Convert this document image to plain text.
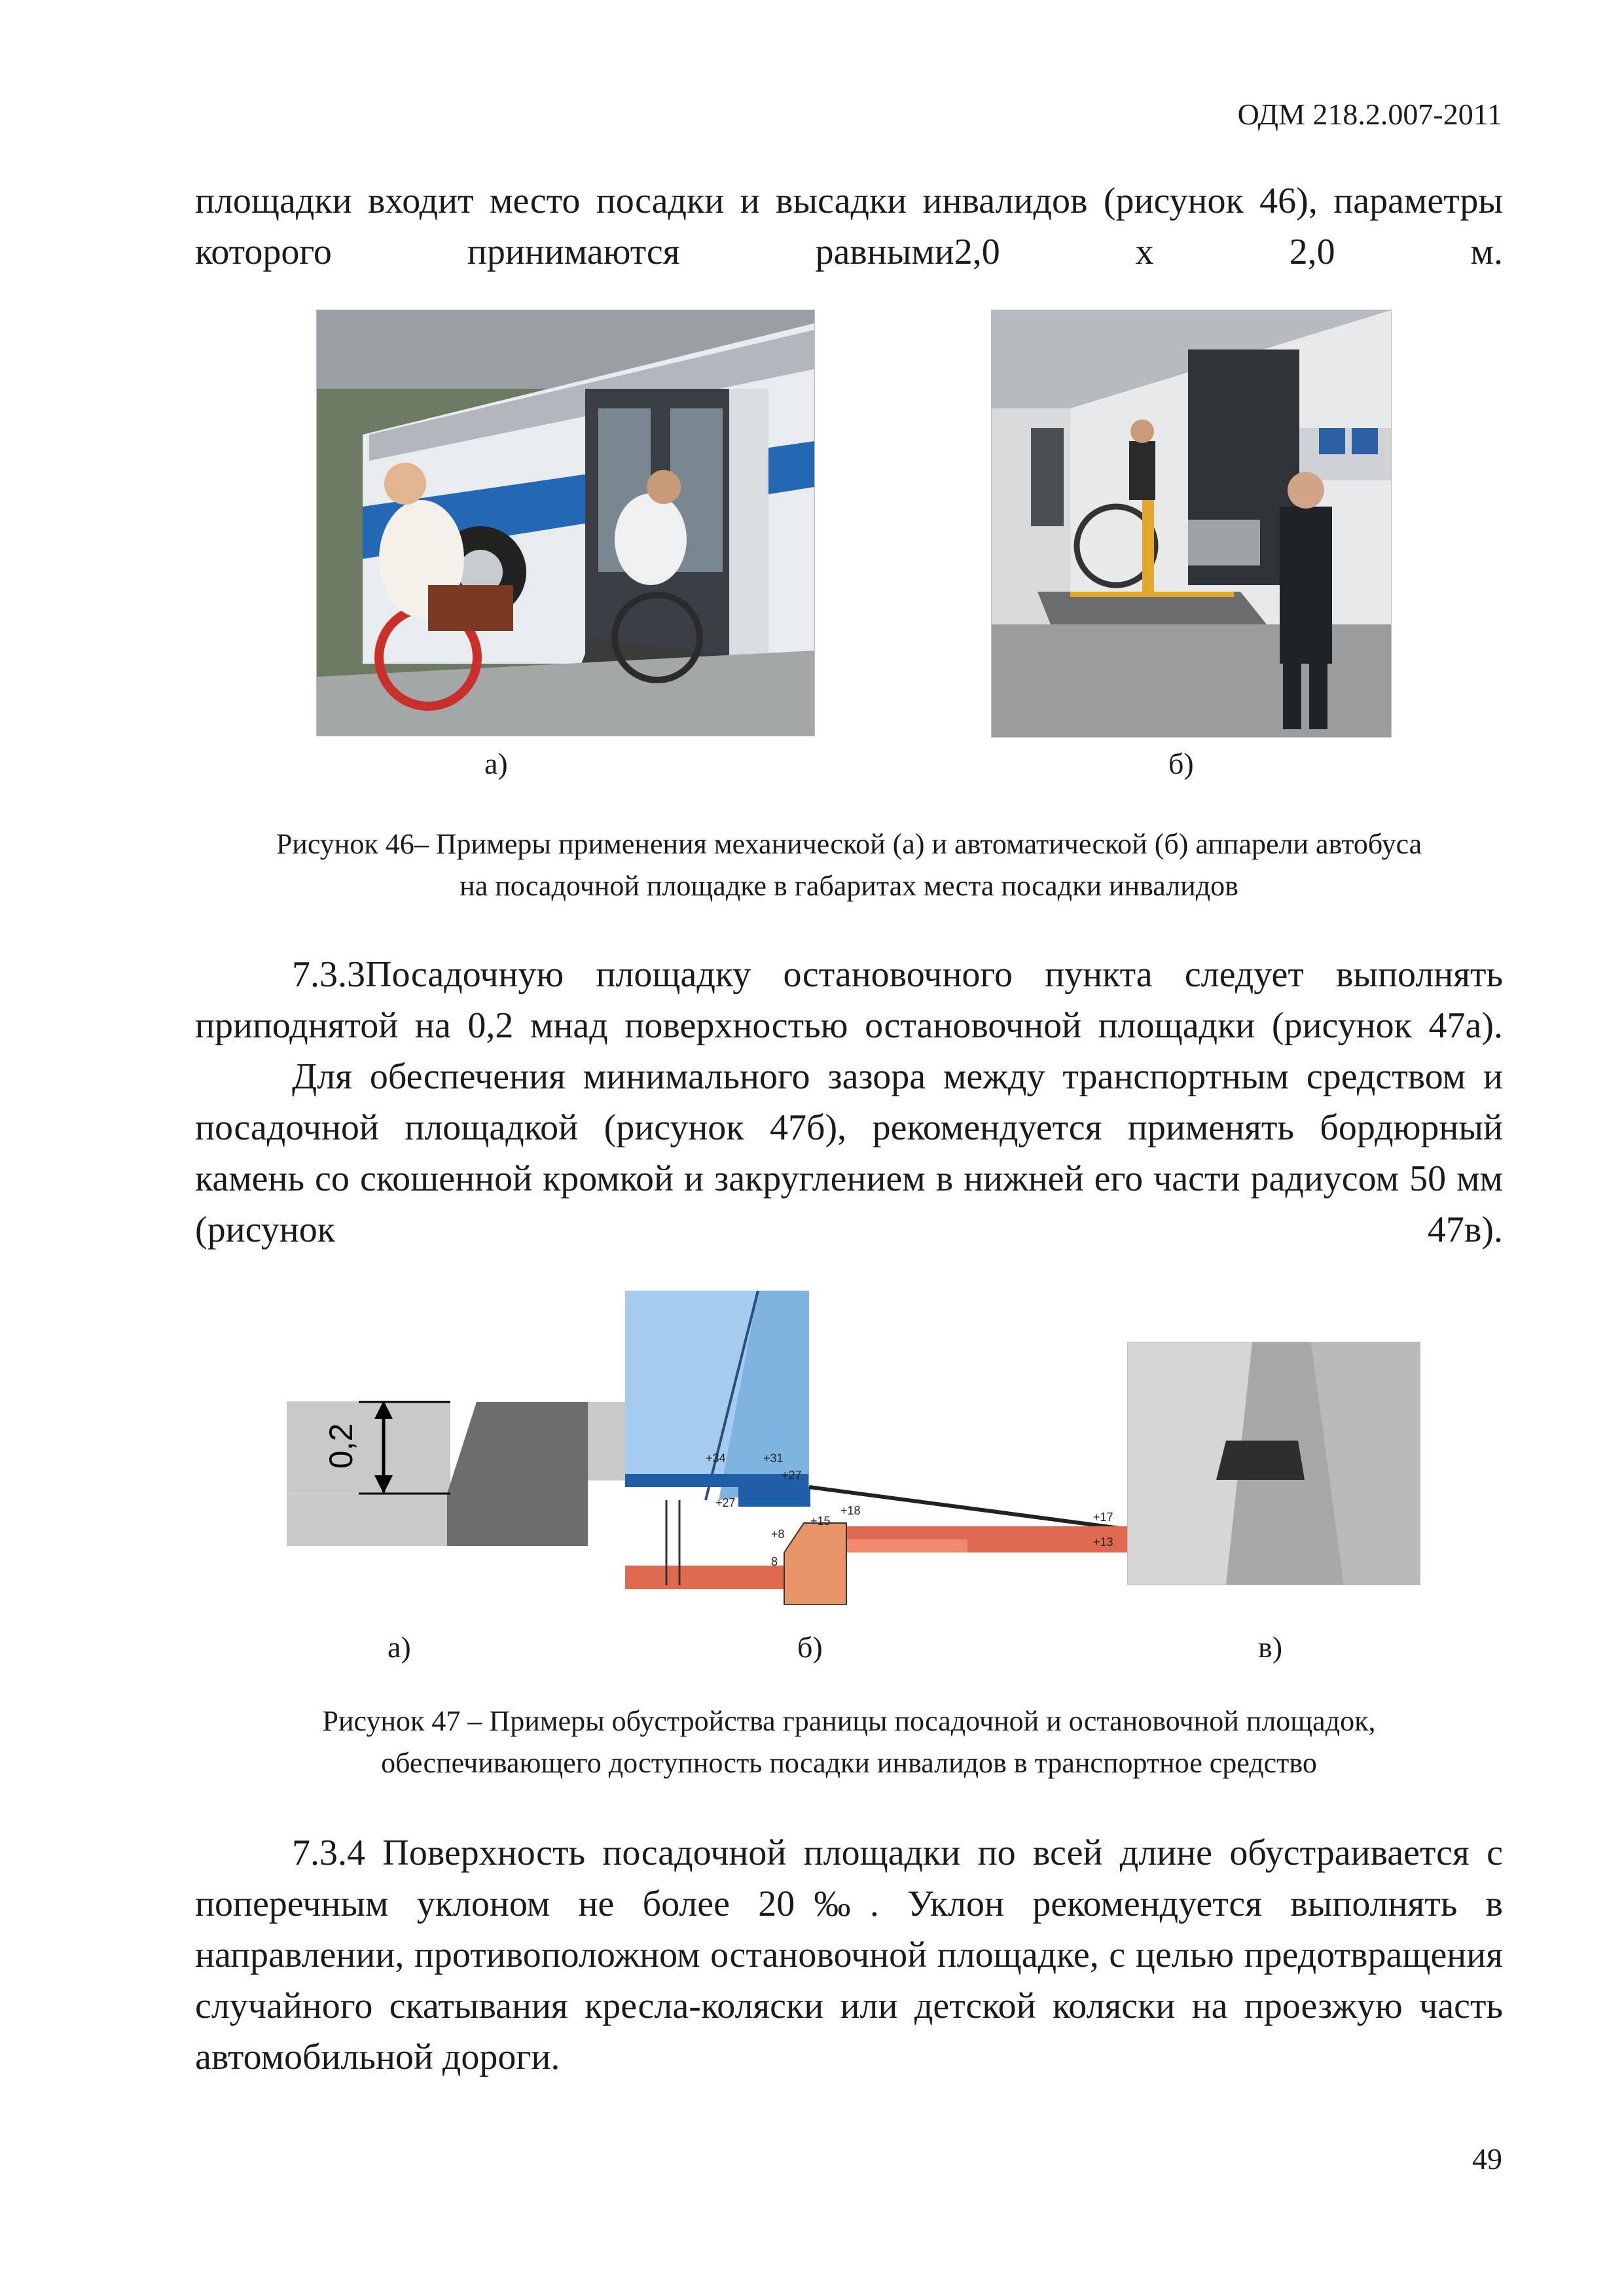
ОДМ 218.2.007-2011
площадки входит место посадки и высадки инвалидов (рисунок 46), параметры которого принимаются равными2,0 х 2,0 м.
а)	б)
Рисунок 46– Примеры применения механической (а) и автоматической (б) аппарели автобуса
на посадочной площадке в габаритах места посадки инвалидов
7.3.3Посадочную площадку остановочного пункта следует выполнять приподнятой на 0,2 мнад поверхностью остановочной площадки (рисунок 47а).
Для обеспечения минимального зазора между транспортным средством и посадочной площадкой (рисунок 47б), рекомендуется применять бордюрный камень со скошенной кромкой и закруглением в нижней его части радиусом 50 мм (рисунок 47в).
0,2	+34	+31
+27
+27
+18
+15
+8
8
+17
+13
а)	б)	в)
Рисунок 47 – Примеры обустройства границы посадочной и остановочной площадок,
обеспечивающего доступность посадки инвалидов в транспортное средство
7.3.4 Поверхность посадочной площадки по всей длине обустраивается с поперечным уклоном не более 20‰. Уклон рекомендуется выполнять в направлении, противоположном остановочной площадке, с целью предотвращения случайного скатывания кресла-коляски или детской коляски на проезжую часть автомобильной дороги.
49
